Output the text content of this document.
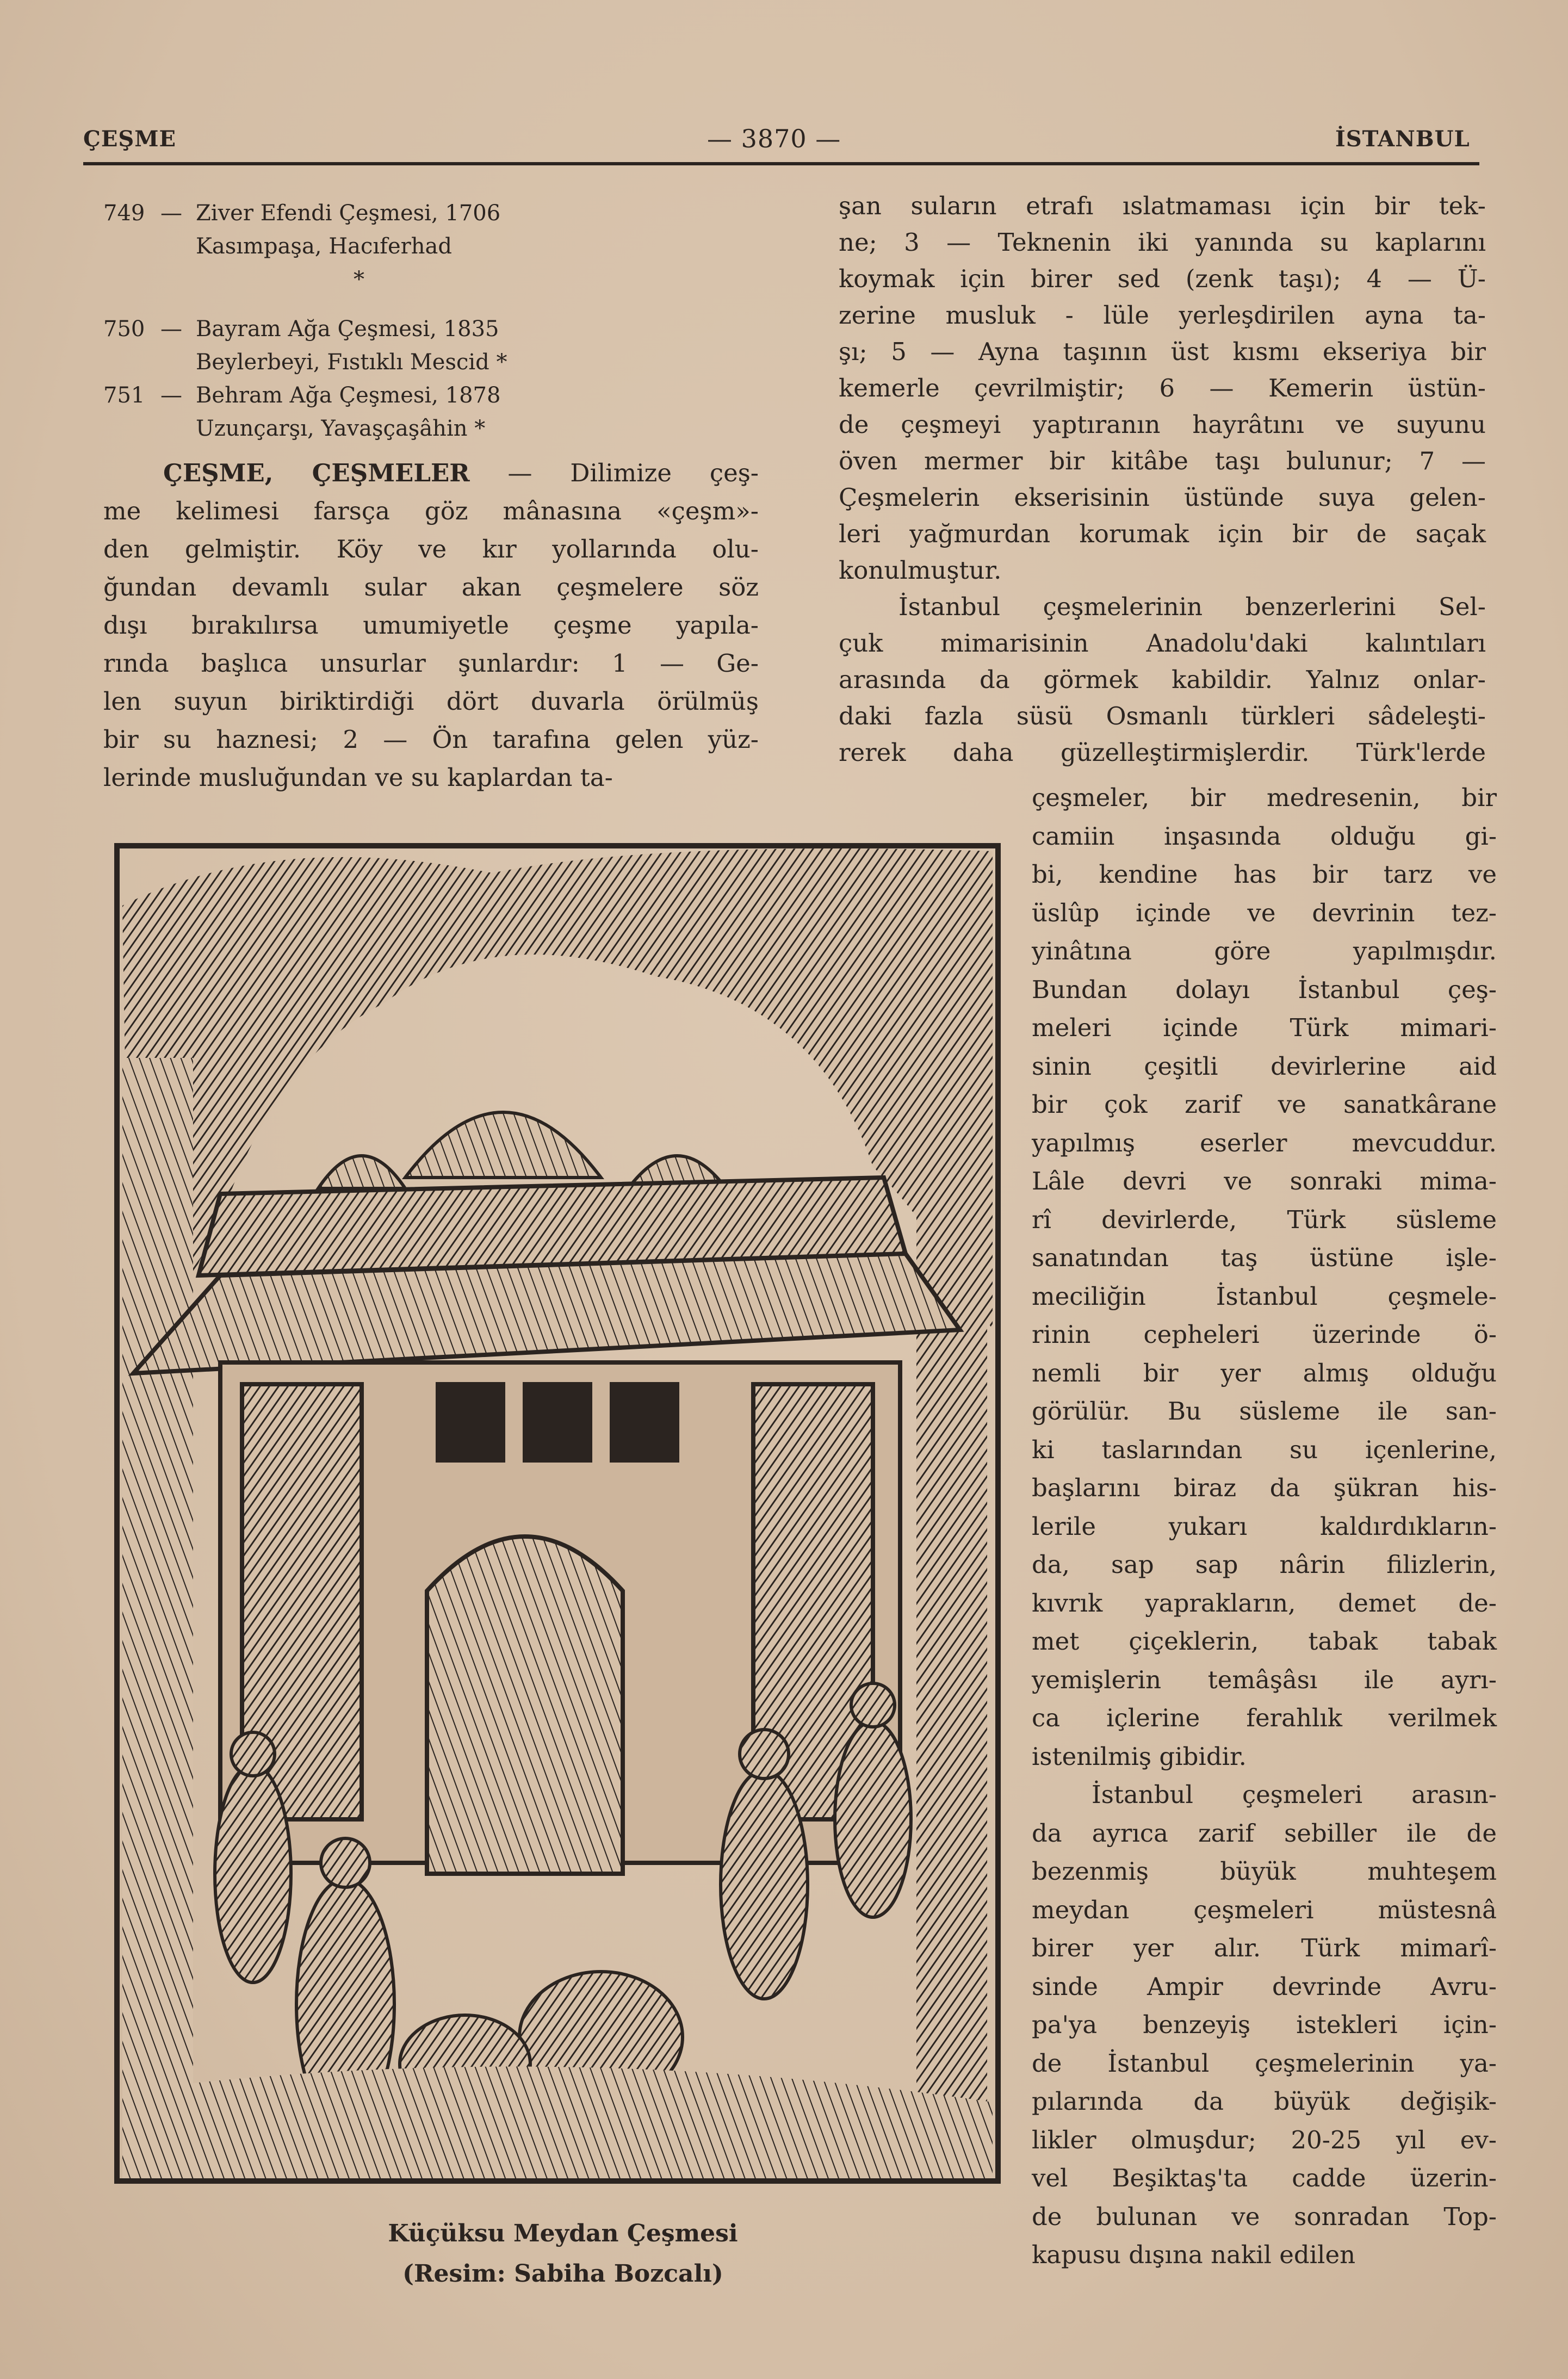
ÇEŞME	— 3870 —	İSTANBUL
749 — Ziver Efendi Çeşmesi, 1706
Kasımpaşa, Hacıferhad
*
750 — Bayram Ağa Çeşmesi, 1835
Beylerbeyi, Fıstıklı Mescid *
751 — Behram Ağa Çeşmesi, 1878
Uzunçarşı, Yavaşçaşâhin *
ÇEŞME, ÇEŞMELER — Dilimize çeş-
me kelimesi farsça göz mânasına «çeşm»-
den gelmiştir. Köy ve kır yollarında olu-
ğundan devamlı sular akan çeşmelere söz
dışı bırakılırsa umumiyetle çeşme yapıla-
rında başlıca unsurlar şunlardır: 1 — Ge-
len suyun biriktirdiği dört duvarla örülmüş
bir su haznesi; 2 — Ön tarafına gelen yüz-
lerinde musluğundan ve su kaplardan ta-
şan suların etrafı ıslatmaması için bir tek-
ne; 3 — Teknenin iki yanında su kaplarını
koymak için birer sed (zenk taşı); 4 — Ü-
zerine musluk - lüle yerleşdirilen ayna ta-
şı; 5 — Ayna taşının üst kısmı ekseriya bir
kemerle çevrilmiştir; 6 — Kemerin üstün-
de çeşmeyi yaptıranın hayrâtını ve suyunu
öven mermer bir kitâbe taşı bulunur; 7 —
Çeşmelerin ekserisinin üstünde suya gelen-
leri yağmurdan korumak için bir de saçak
konulmuştur.
İstanbul çeşmelerinin benzerlerini Sel-
çuk mimarisinin Anadolu'daki kalıntıları
arasında da görmek kabildir. Yalnız onlar-
daki fazla süsü Osmanlı türkleri sâdeleşti-
rerek daha güzelleştirmişlerdir. Türk'lerde
çeşmeler, bir medresenin, bir
camiin inşasında olduğu gi-
bi, kendine has bir tarz ve
üslûp içinde ve devrinin tez-
yinâtına göre yapılmışdır.
Bundan dolayı İstanbul çeş-
meleri içinde Türk mimari-
sinin çeşitli devirlerine aid
bir çok zarif ve sanatkârane
yapılmış eserler mevcuddur.
Lâle devri ve sonraki mima-
rî devirlerde, Türk süsleme
sanatından taş üstüne işle-
meciliğin İstanbul çeşmele-
rinin cepheleri üzerinde ö-
nemli bir yer almış olduğu
görülür. Bu süsleme ile san-
ki taslarından su içenlerine,
başlarını biraz da şükran his-
lerile yukarı kaldırdıkların-
da, sap sap nârin filizlerin,
kıvrık yaprakların, demet de-
met çiçeklerin, tabak tabak
yemişlerin temâşâsı ile ayrı-
ca içlerine ferahlık verilmek
istenilmiş gibidir.
İstanbul çeşmeleri arasın-
da ayrıca zarif sebiller ile de
bezenmiş büyük muhteşem
meydan çeşmeleri müstesnâ
birer yer alır. Türk mimarî-
sinde Ampir devrinde Avru-
pa'ya benzeyiş istekleri için-
de İstanbul çeşmelerinin ya-
pılarında da büyük değişik-
likler olmuşdur; 20-25 yıl ev-
vel Beşiktaş'ta cadde üzerin-
de bulunan ve sonradan Top-
kapusu dışına nakil edilen
Küçüksu Meydan Çeşmesi
(Resim: Sabiha Bozcalı)
